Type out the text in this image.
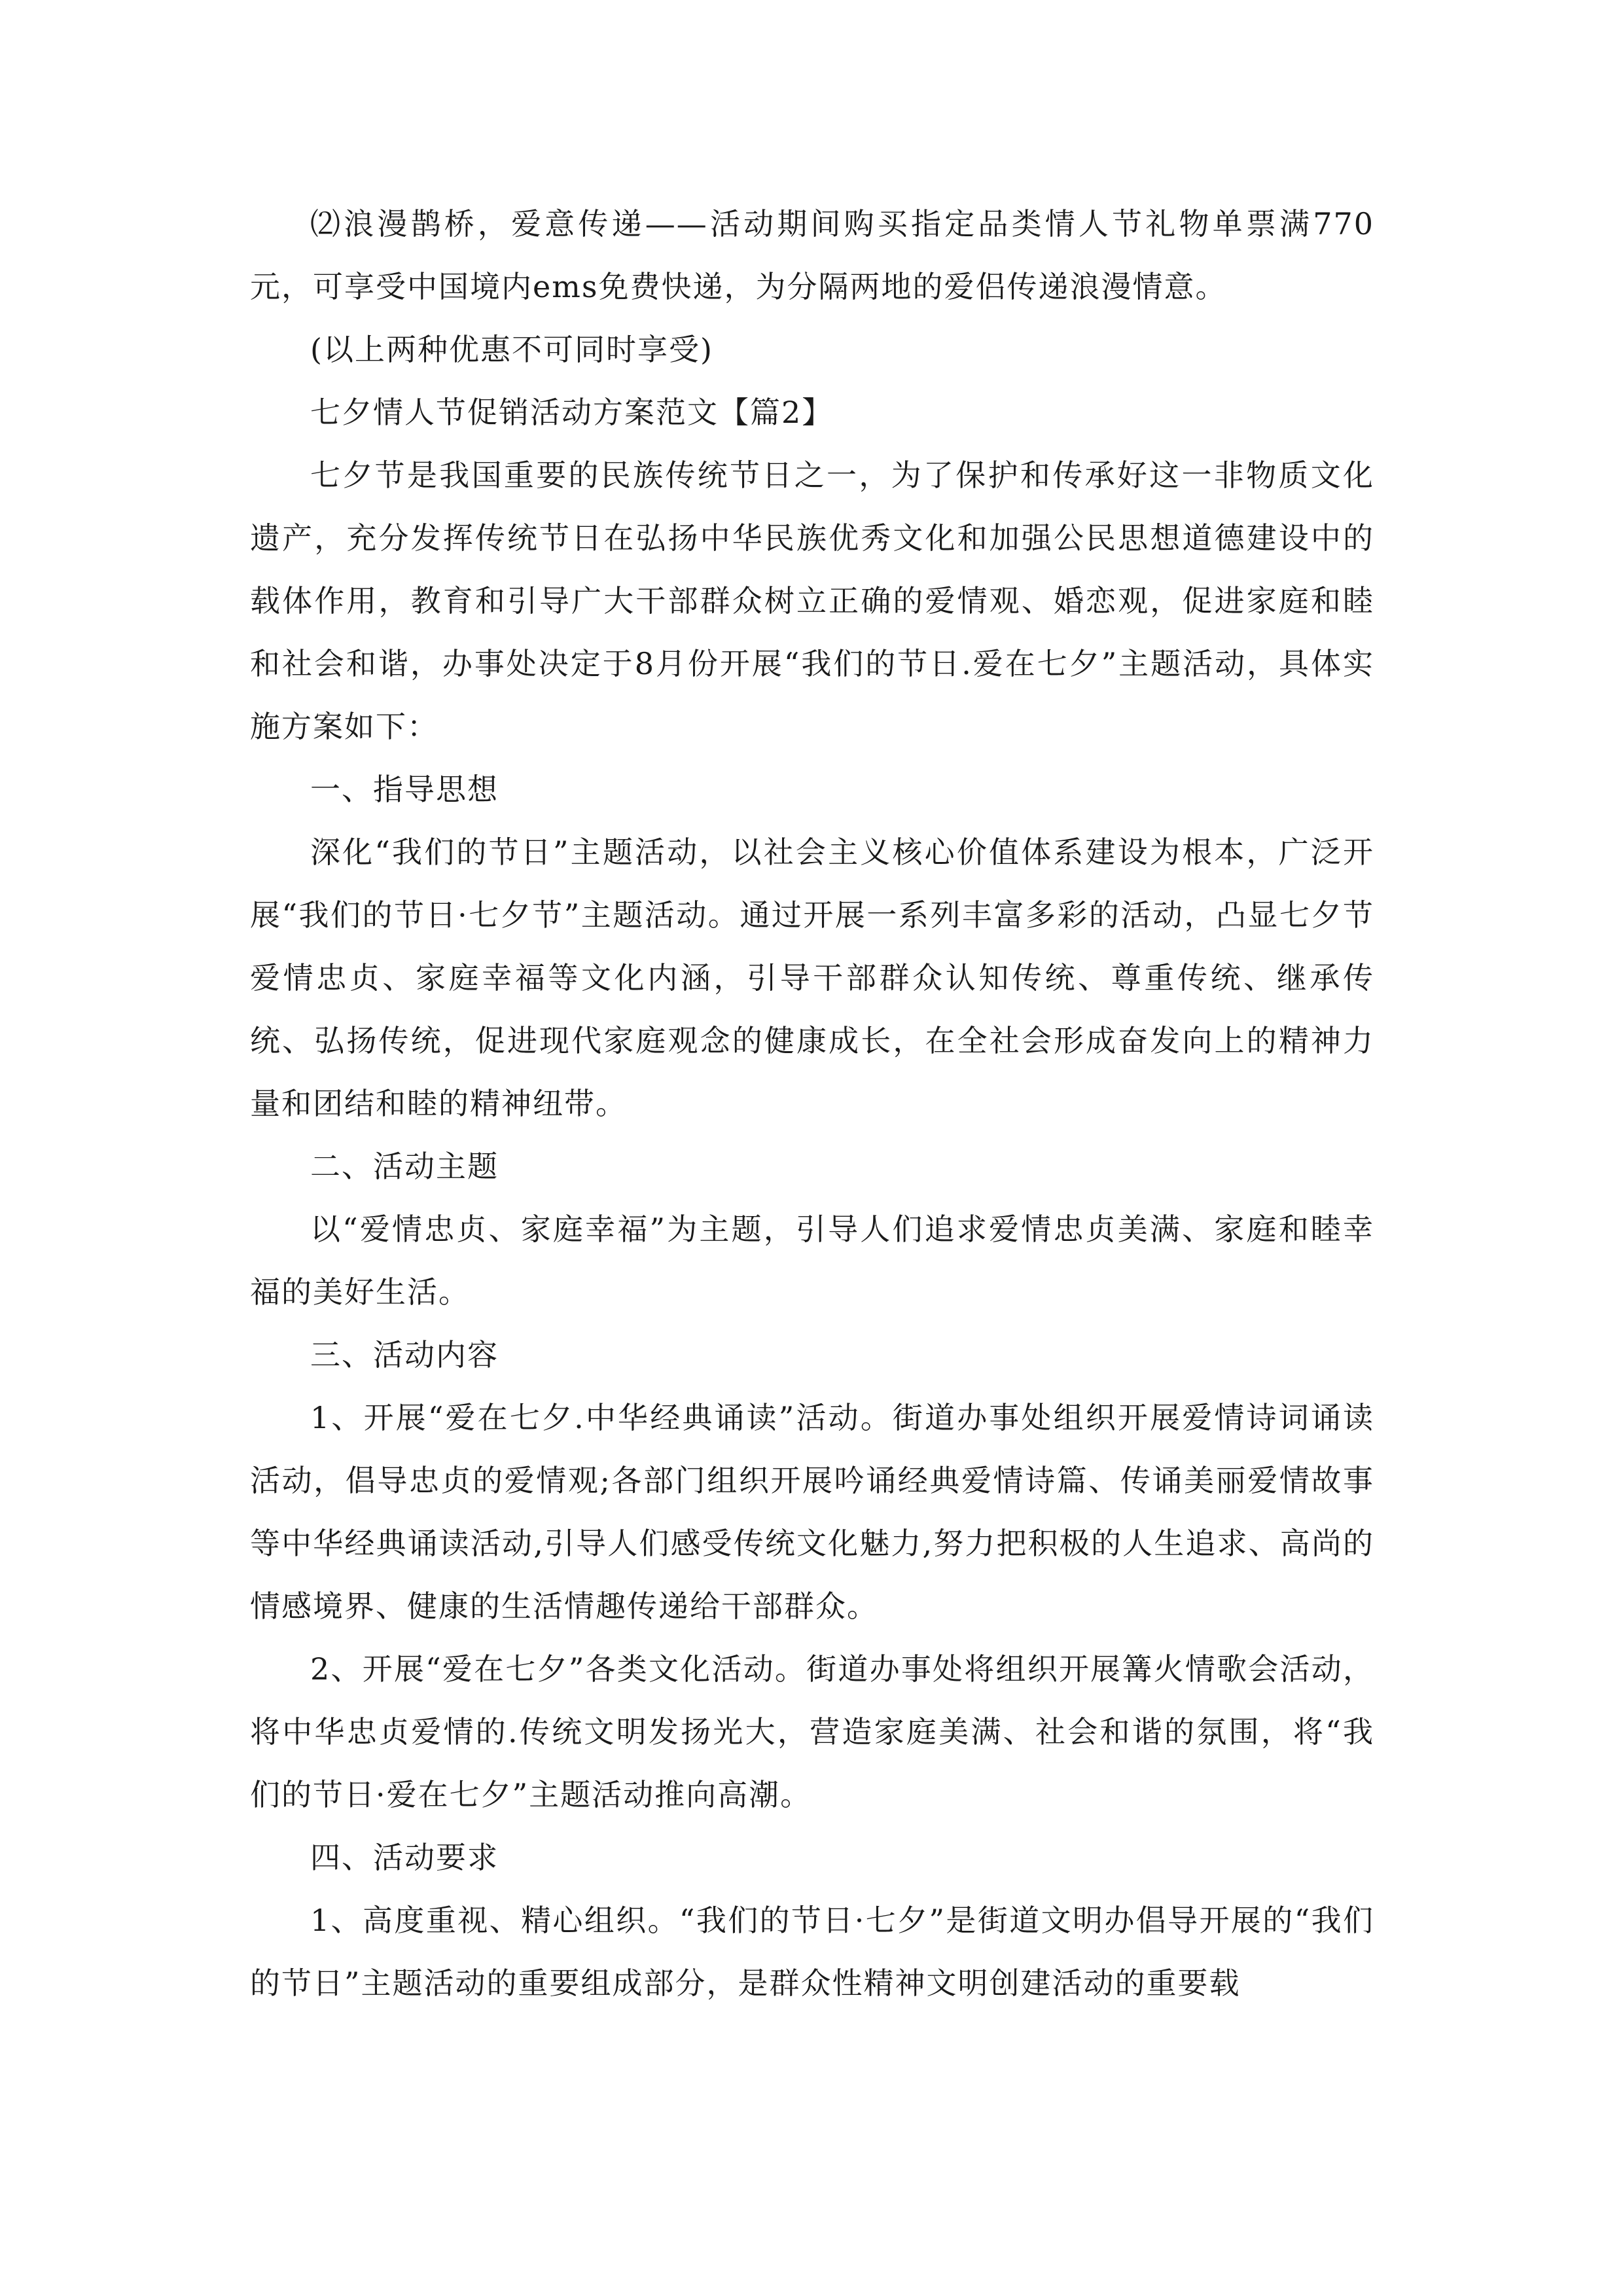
⑵浪漫鹊桥，爱意传递——活动期间购买指定品类情人节礼物单票满770元，可享受中国境内ems免费快递，为分隔两地的爱侣传递浪漫情意。

(以上两种优惠不可同时享受)

七夕情人节促销活动方案范文【篇2】

七夕节是我国重要的民族传统节日之一，为了保护和传承好这一非物质文化遗产，充分发挥传统节日在弘扬中华民族优秀文化和加强公民思想道德建设中的载体作用，教育和引导广大干部群众树立正确的爱情观、婚恋观，促进家庭和睦和社会和谐，办事处决定于8月份开展“我们的节日.爱在七夕”主题活动，具体实施方案如下：

一、指导思想

深化“我们的节日”主题活动，以社会主义核心价值体系建设为根本，广泛开展“我们的节日·七夕节”主题活动。通过开展一系列丰富多彩的活动，凸显七夕节爱情忠贞、家庭幸福等文化内涵，引导干部群众认知传统、尊重传统、继承传统、弘扬传统，促进现代家庭观念的健康成长，在全社会形成奋发向上的精神力量和团结和睦的精神纽带。

二、活动主题

以“爱情忠贞、家庭幸福”为主题，引导人们追求爱情忠贞美满、家庭和睦幸福的美好生活。

三、活动内容

1、开展“爱在七夕.中华经典诵读”活动。街道办事处组织开展爱情诗词诵读活动，倡导忠贞的爱情观;各部门组织开展吟诵经典爱情诗篇、传诵美丽爱情故事等中华经典诵读活动,引导人们感受传统文化魅力,努力把积极的人生追求、高尚的情感境界、健康的生活情趣传递给干部群众。

2、开展“爱在七夕”各类文化活动。街道办事处将组织开展篝火情歌会活动，将中华忠贞爱情的.传统文明发扬光大，营造家庭美满、社会和谐的氛围，将“我们的节日·爱在七夕”主题活动推向高潮。

四、活动要求

1、高度重视、精心组织。“我们的节日·七夕”是街道文明办倡导开展的“我们的节日”主题活动的重要组成部分，是群众性精神文明创建活动的重要载
